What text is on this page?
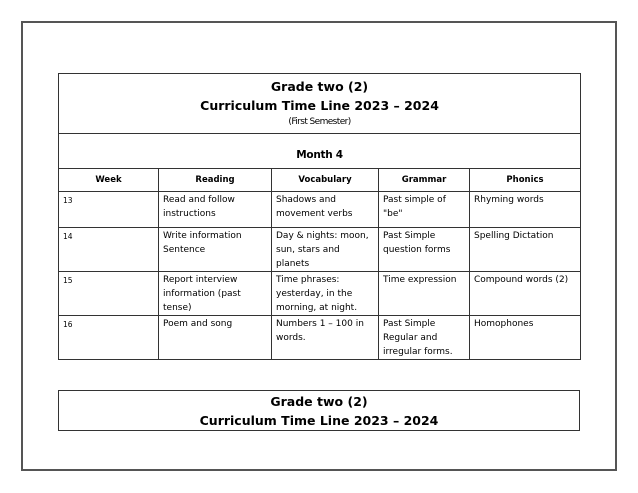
Grade two (2)
Curriculum Time Line 2023 – 2024
(First Semester)				

Month 4				
Week	Reading	Vocabulary	Grammar	Phonics
13	Read and follow instructions	Shadows and movement verbs	Past simple of "be"	Rhyming words
14	Write information Sentence	Day & nights: moon, sun, stars and planets	Past Simple question forms	Spelling Dictation
15	Report interview information (past tense)	Time phrases: yesterday, in the morning, at night.	Time expression	Compound words (2)
16	Poem and song	Numbers 1 – 100 in words.	Past Simple Regular and irregular forms.	Homophones
Grade two (2)
Curriculum Time Line 2023 – 2024
